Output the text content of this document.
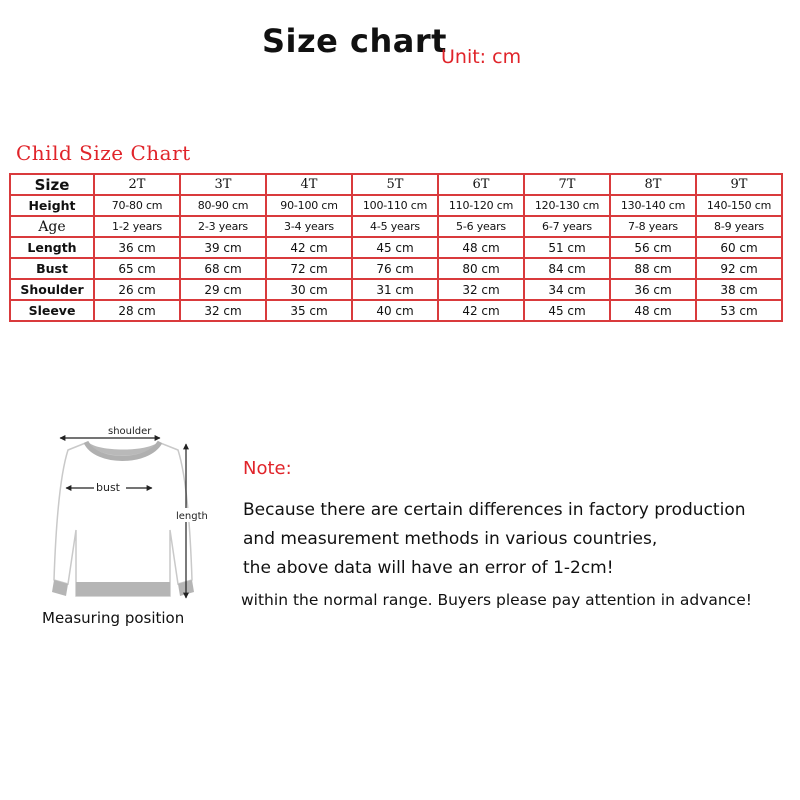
Size chart
Unit: cm
Child Size Chart
Size	2T	3T	4T	5T	6T	7T	8T	9T
Height	70-80 cm	80-90 cm	90-100 cm	100-110 cm	110-120 cm	120-130 cm	130-140 cm	140-150 cm
Age	1-2 years	2-3 years	3-4 years	4-5 years	5-6 years	6-7 years	7-8 years	8-9 years
Length	36 cm	39 cm	42 cm	45 cm	48 cm	51 cm	56 cm	60 cm
Bust	65 cm	68 cm	72 cm	76 cm	80 cm	84 cm	88 cm	92 cm
Shoulder	26 cm	29 cm	30 cm	31 cm	32 cm	34 cm	36 cm	38 cm
Sleeve	28 cm	32 cm	35 cm	40 cm	42 cm	45 cm	48 cm	53 cm
shoulder
bust
length
Measuring position
Note:
Because there are certain differences in factory production
and measurement methods in various countries,
the above data will have an error of 1-2cm!
within the normal range. Buyers please pay attention in advance!
